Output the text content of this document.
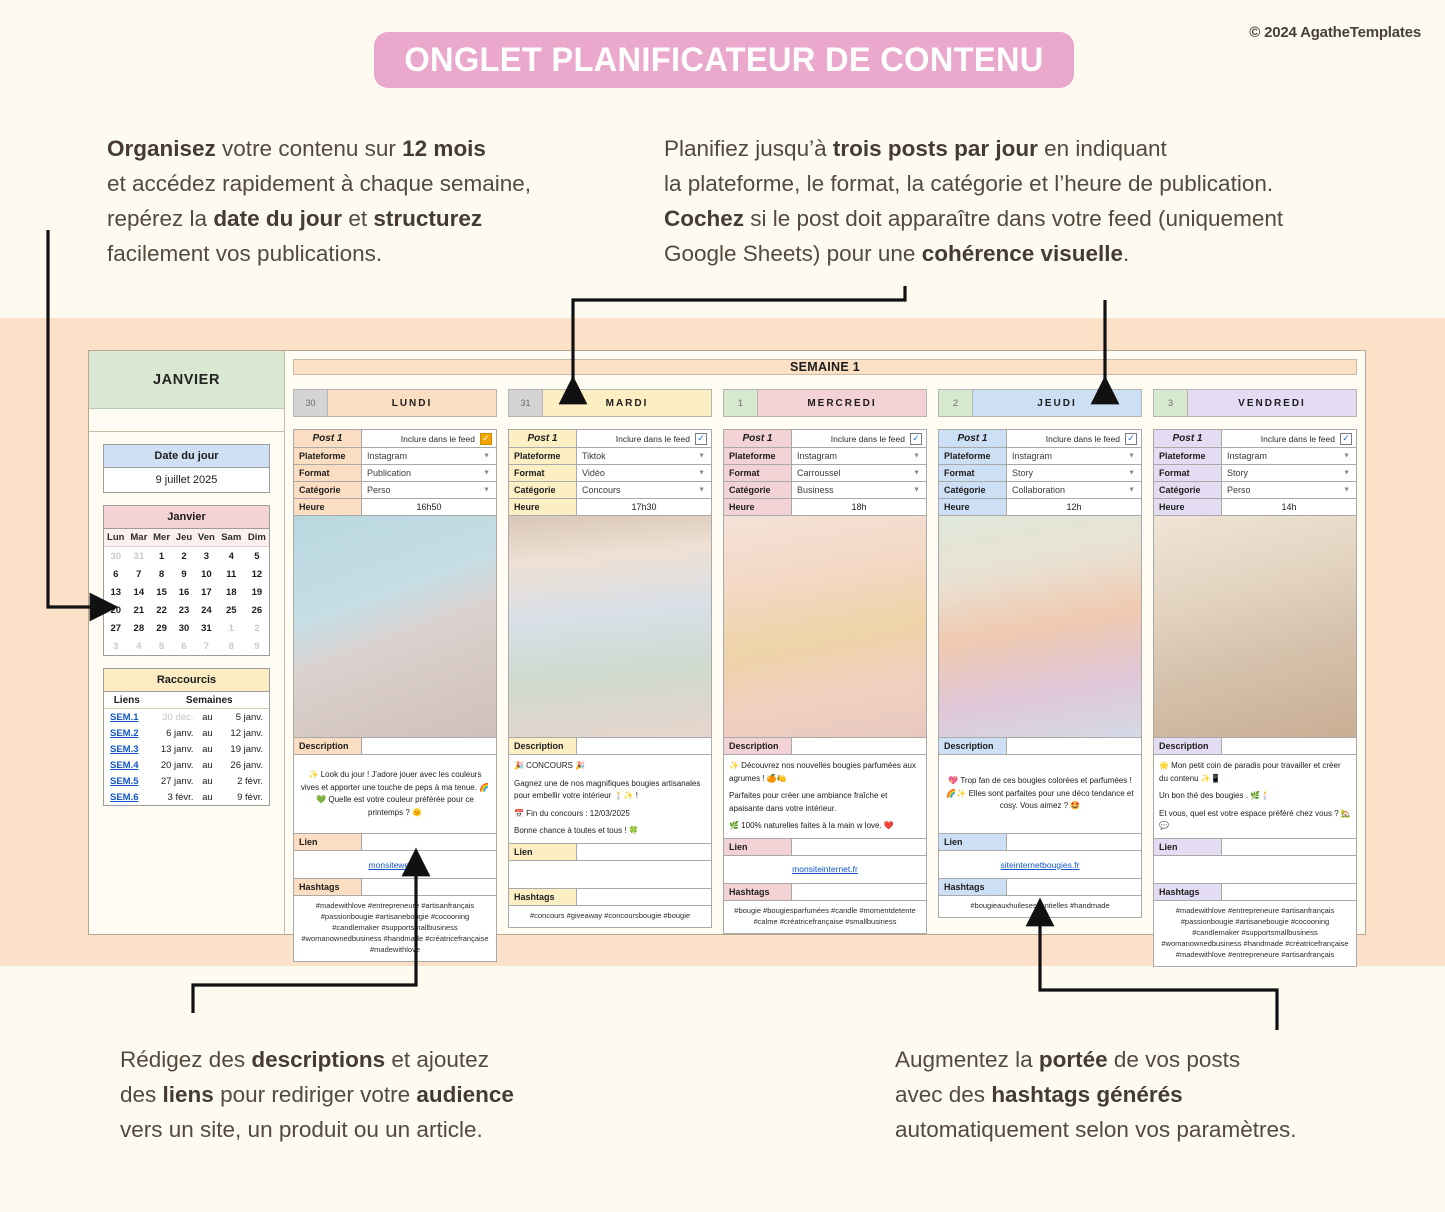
© 2024 AgatheTemplates
ONGLET PLANIFICATEUR DE CONTENU
Organisez votre contenu sur 12 mois
et accédez rapidement à chaque semaine,
repérez la date du jour et structurez
facilement vos publications.
Planifiez jusqu’à trois posts par jour en indiquant
la plateforme, le format, la catégorie et l’heure de publication.
Cochez si le post doit apparaître dans votre feed (uniquement
Google Sheets) pour une cohérence visuelle.
Rédigez des descriptions et ajoutez
des liens pour rediriger votre audience
vers un site, un produit ou un article.
Augmentez la portée de vos posts
avec des hashtags générés
automatiquement selon vos paramètres.
JANVIER
Date du jour
9 juillet 2025
Janvier
Lun	Mar	Mer	Jeu	Ven	Sam	Dim
30	31	1	2	3	4	5
6	7	8	9	10	11	12
13	14	15	16	17	18	19
20	21	22	23	24	25	26
27	28	29	30	31	1	2
3	4	5	6	7	8	9
Raccourcis
Liens	Semaines		
SEM.1	30 déc.	au	5 janv.
SEM.2	6 janv.	au	12 janv.
SEM.3	13 janv.	au	19 janv.
SEM.4	20 janv.	au	26 janv.
SEM.5	27 janv.	au	2 févr.
SEM.6	3 févr.	au	9 févr.
SEMAINE 1
30	LUNDI
Post 1	Inclure dans le feed ✓
Plateforme	Instagram	▼
Format	Publication	▼
Catégorie	Perso	▼
Heure	16h50
Description
✨ Look du jour ! J'adore jouer avec les couleurs vives et apporter une touche de peps à ma tenue. 🌈💚 Quelle est votre couleur préférée pour ce printemps ? 🌞
Lien
monsiteweb.fr
Hashtags
#madewithlove #entrepreneure #artisanfrançais #passionbougie #artisanebougie #cocooning #candlemaker #supportsmallbusiness #womanownedbusiness #handmade #créatricefrançaise #madewithlove
31	MARDI
Post 1	Inclure dans le feed ✓
Plateforme	Tiktok	▼
Format	Vidéo	▼
Catégorie	Concours	▼
Heure	17h30
Description

🎉 CONCOURS 🎉

Gagnez une de nos magnifiques bougies artisanales pour embellir votre intérieur 🕯️✨ !

📅 Fin du concours : 12/03/2025

Bonne chance à toutes et tous ! 🍀

Lien
Hashtags
#concours #giveaway #concoursbougie #bougie
1	MERCREDI
Post 1	Inclure dans le feed ✓
Plateforme	Instagram	▼
Format	Carroussel	▼
Catégorie	Business	▼
Heure	18h
Description

✨ Découvrez nos nouvelles bougies parfumées aux agrumes ! 🍊🍋

Parfaites pour créer une ambiance fraîche et apaisante dans votre intérieur.

🌿 100% naturelles faites à la main w love. ❤️

Lien
monsiteinternet.fr
Hashtags
#bougie #bougiesparfumées #candle #momentdetente #calme #créatricefrançaise #smallbusiness
2	JEUDI
Post 1	Inclure dans le feed ✓
Plateforme	Instagram	▼
Format	Story	▼
Catégorie	Collaboration	▼
Heure	12h
Description
💖 Trop fan de ces bougies colorées et parfumées ! 🌈✨ Elles sont parfaites pour une déco tendance et cosy. Vous aimez ? 🤩
Lien
siteinternetbougies.fr
Hashtags
#bougieauxhuilesessentielles #handmade
3	VENDREDI
Post 1	Inclure dans le feed ✓
Plateforme	Instagram	▼
Format	Story	▼
Catégorie	Perso	▼
Heure	14h
Description

🌟 Mon petit coin de paradis pour travailler et créer du contenu ✨📱

Un bon thé des bougies . 🌿🕯️

Et vous, quel est votre espace préféré chez vous ? 🏡💬

Lien
Hashtags
#madewithlove #entrepreneure #artisanfrançais #passionbougie #artisanebougie #cocooning #candlemaker #supportsmallbusiness #womanownedbusiness #handmade #créatricefrançaise #madewithlove #entrepreneure #artisanfrançais
